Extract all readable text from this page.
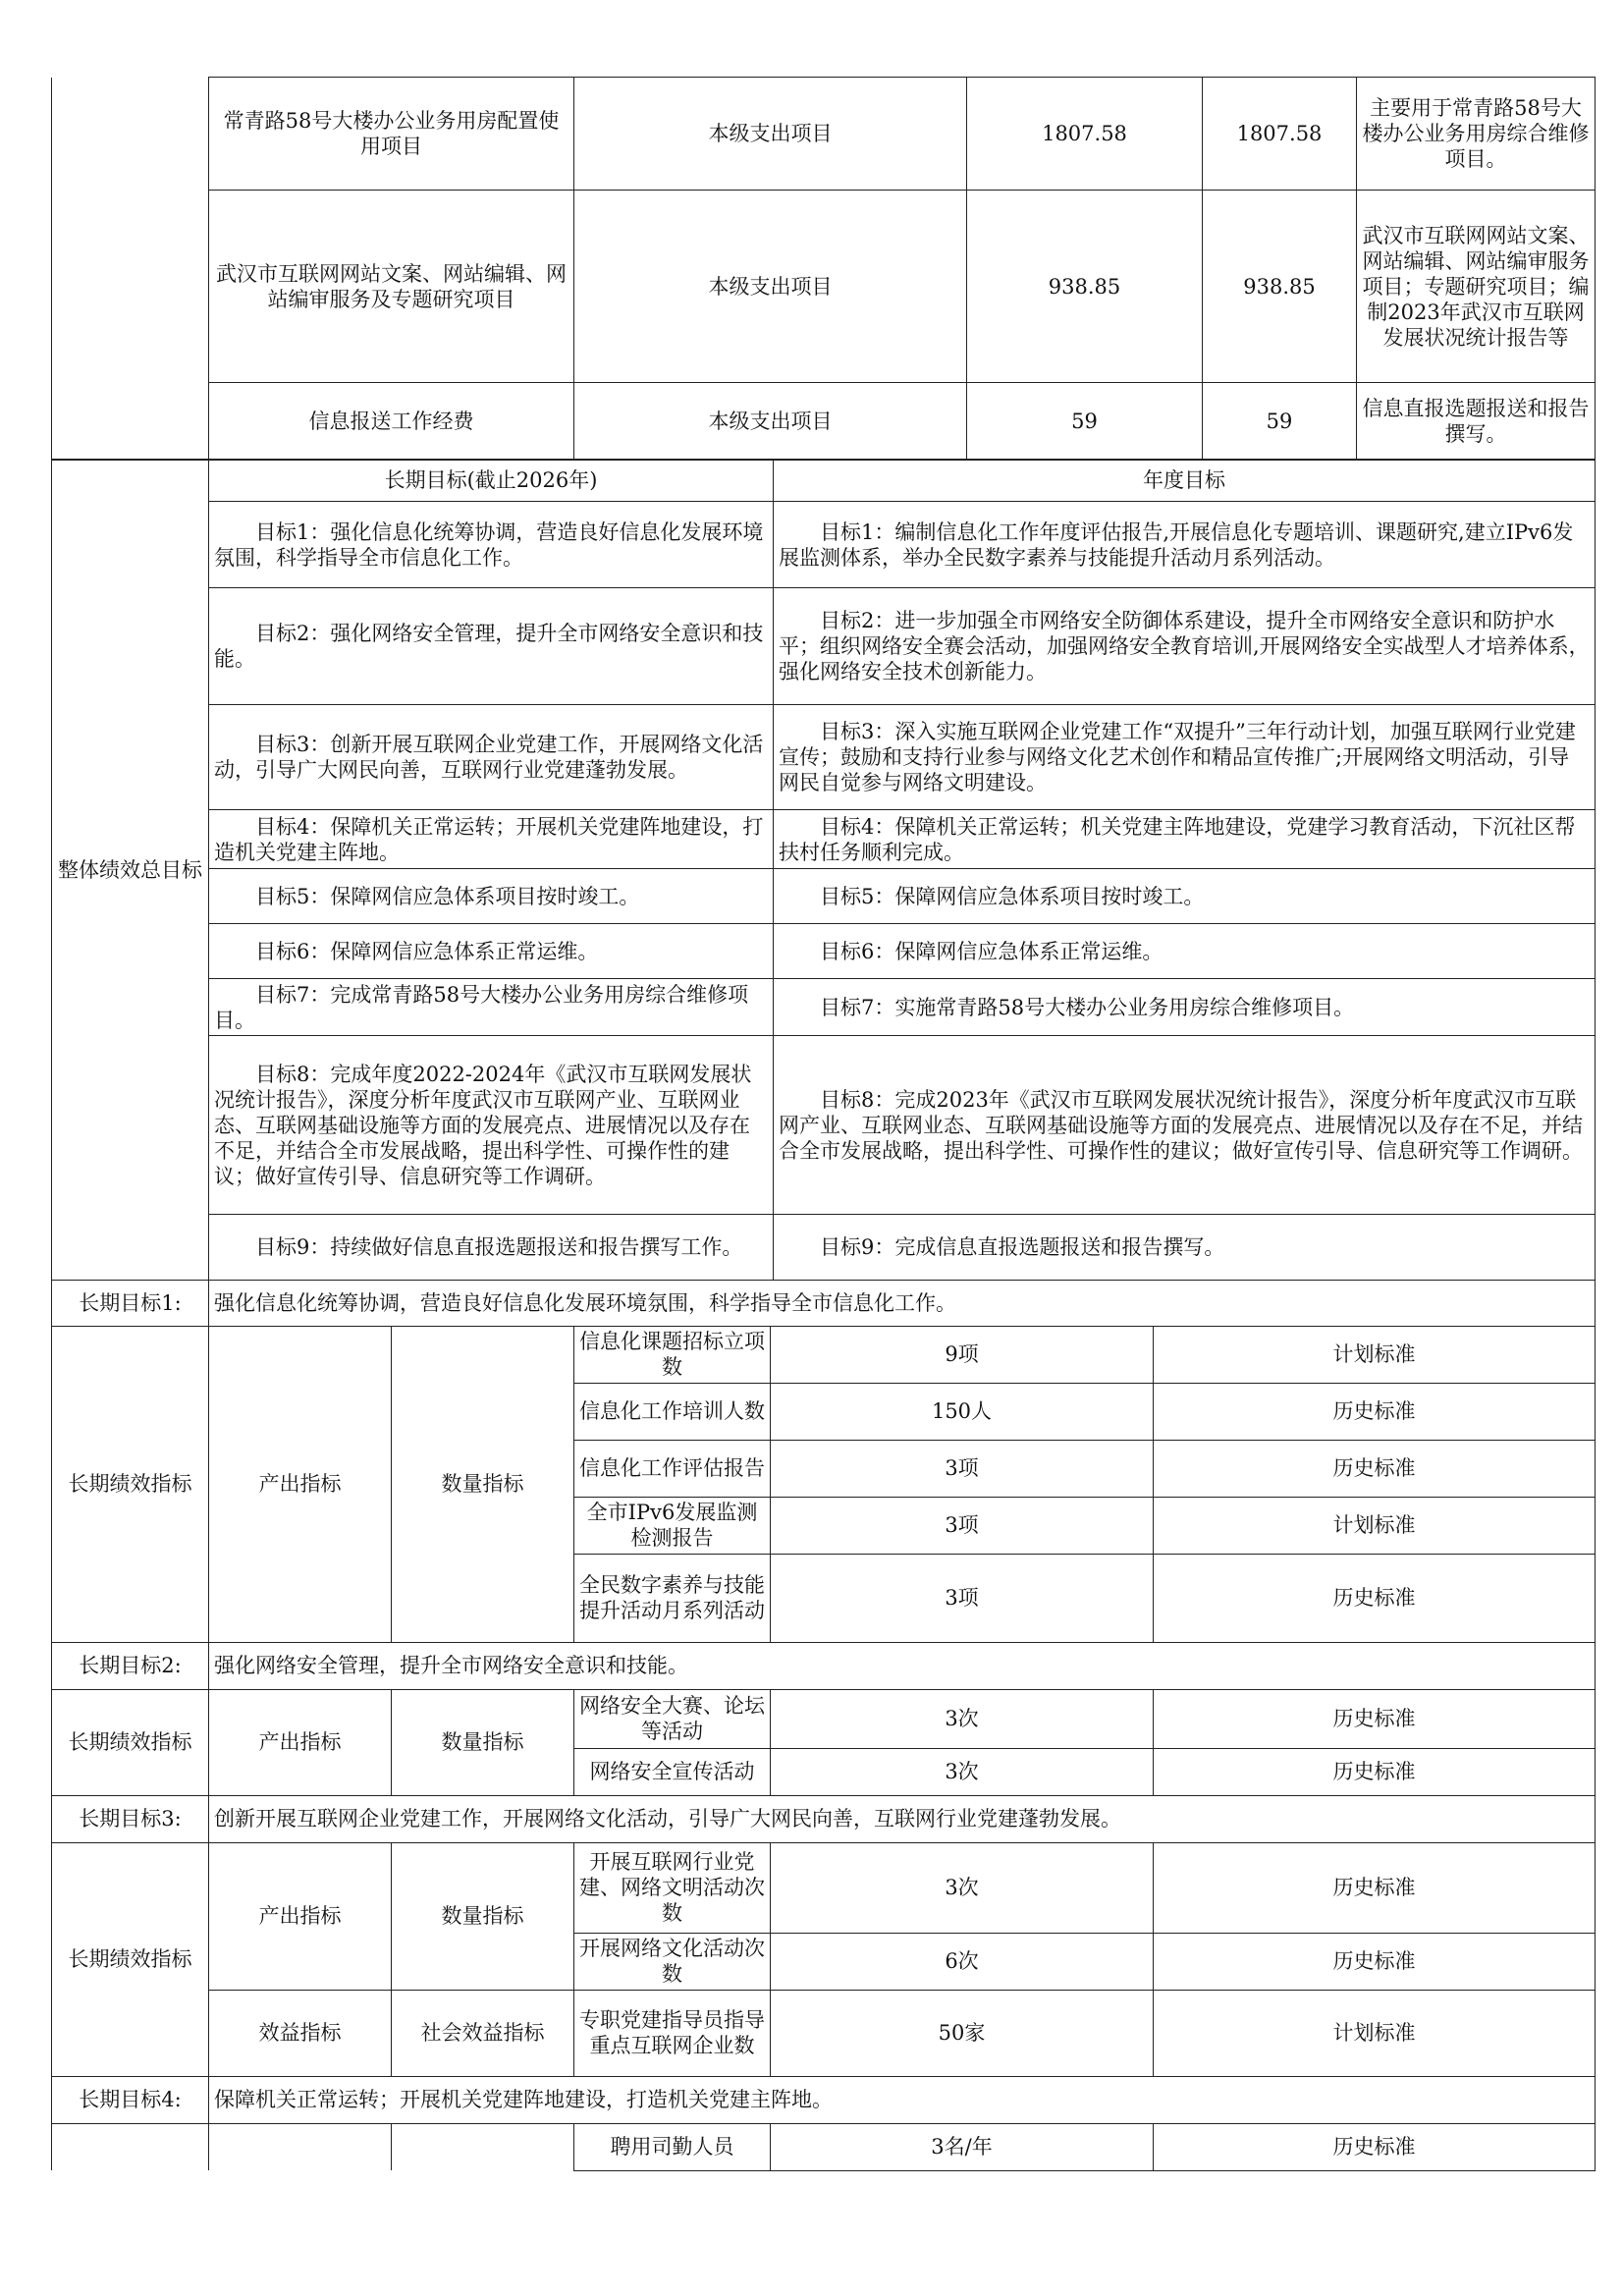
	常青路58号大楼办公业务用房配置使用项目	本级支出项目	1807.58	1807.58	主要用于常青路58号大楼办公业务用房综合维修项目。
	武汉市互联网网站文案、网站编辑、网站编审服务及专题研究项目	本级支出项目	938.85	938.85	武汉市互联网网站文案、网站编辑、网站编审服务项目；专题研究项目；编制2023年武汉市互联网发展状况统计报告等
	信息报送工作经费	本级支出项目	59	59	信息直报选题报送和报告撰写。
整体绩效总目标	长期目标(截止2026年)	年度目标
	目标1：强化信息化统筹协调，营造良好信息化发展环境氛围，科学指导全市信息化工作。	目标1：编制信息化工作年度评估报告,开展信息化专题培训、课题研究,建立IPv6发展监测体系，举办全民数字素养与技能提升活动月系列活动。
	目标2：强化网络安全管理，提升全市网络安全意识和技能。	目标2：进一步加强全市网络安全防御体系建设，提升全市网络安全意识和防护水平；组织网络安全赛会活动，加强网络安全教育培训,开展网络安全实战型人才培养体系，强化网络安全技术创新能力。
	目标3：创新开展互联网企业党建工作，开展网络文化活动，引导广大网民向善，互联网行业党建蓬勃发展。	目标3：深入实施互联网企业党建工作“双提升”三年行动计划，加强互联网行业党建宣传；鼓励和支持行业参与网络文化艺术创作和精品宣传推广;开展网络文明活动，引导网民自觉参与网络文明建设。
	目标4：保障机关正常运转；开展机关党建阵地建设，打造机关党建主阵地。	目标4：保障机关正常运转；机关党建主阵地建设，党建学习教育活动，下沉社区帮扶村任务顺利完成。
	目标5：保障网信应急体系项目按时竣工。	目标5：保障网信应急体系项目按时竣工。
	目标6：保障网信应急体系正常运维。	目标6：保障网信应急体系正常运维。
	目标7：完成常青路58号大楼办公业务用房综合维修项目。	目标7：实施常青路58号大楼办公业务用房综合维修项目。
	目标8：完成年度2022-2024年《武汉市互联网发展状况统计报告》，深度分析年度武汉市互联网产业、互联网业态、互联网基础设施等方面的发展亮点、进展情况以及存在不足，并结合全市发展战略，提出科学性、可操作性的建议；做好宣传引导、信息研究等工作调研。	目标8：完成2023年《武汉市互联网发展状况统计报告》，深度分析年度武汉市互联网产业、互联网业态、互联网基础设施等方面的发展亮点、进展情况以及存在不足，并结合全市发展战略，提出科学性、可操作性的建议；做好宣传引导、信息研究等工作调研。
	目标9：持续做好信息直报选题报送和报告撰写工作。	目标9：完成信息直报选题报送和报告撰写。
长期目标1:	强化信息化统筹协调，营造良好信息化发展环境氛围，科学指导全市信息化工作。				
长期绩效指标	产出指标	数量指标	信息化课题招标立项数	9项	计划标准
			信息化工作培训人数	150人	历史标准
			信息化工作评估报告	3项	历史标准
			全市IPv6发展监测检测报告	3项	计划标准
			全民数字素养与技能提升活动月系列活动	3项	历史标准
长期目标2:	强化网络安全管理，提升全市网络安全意识和技能。				
长期绩效指标	产出指标	数量指标	网络安全大赛、论坛等活动	3次	历史标准
			网络安全宣传活动	3次	历史标准
长期目标3:	创新开展互联网企业党建工作，开展网络文化活动，引导广大网民向善，互联网行业党建蓬勃发展。				
长期绩效指标	产出指标	数量指标	开展互联网行业党建、网络文明活动次数	3次	历史标准
			开展网络文化活动次数	6次	历史标准
	效益指标	社会效益指标	专职党建指导员指导重点互联网企业数	50家	计划标准
长期目标4:	保障机关正常运转；开展机关党建阵地建设，打造机关党建主阵地。				
			聘用司勤人员	3名/年	历史标准
